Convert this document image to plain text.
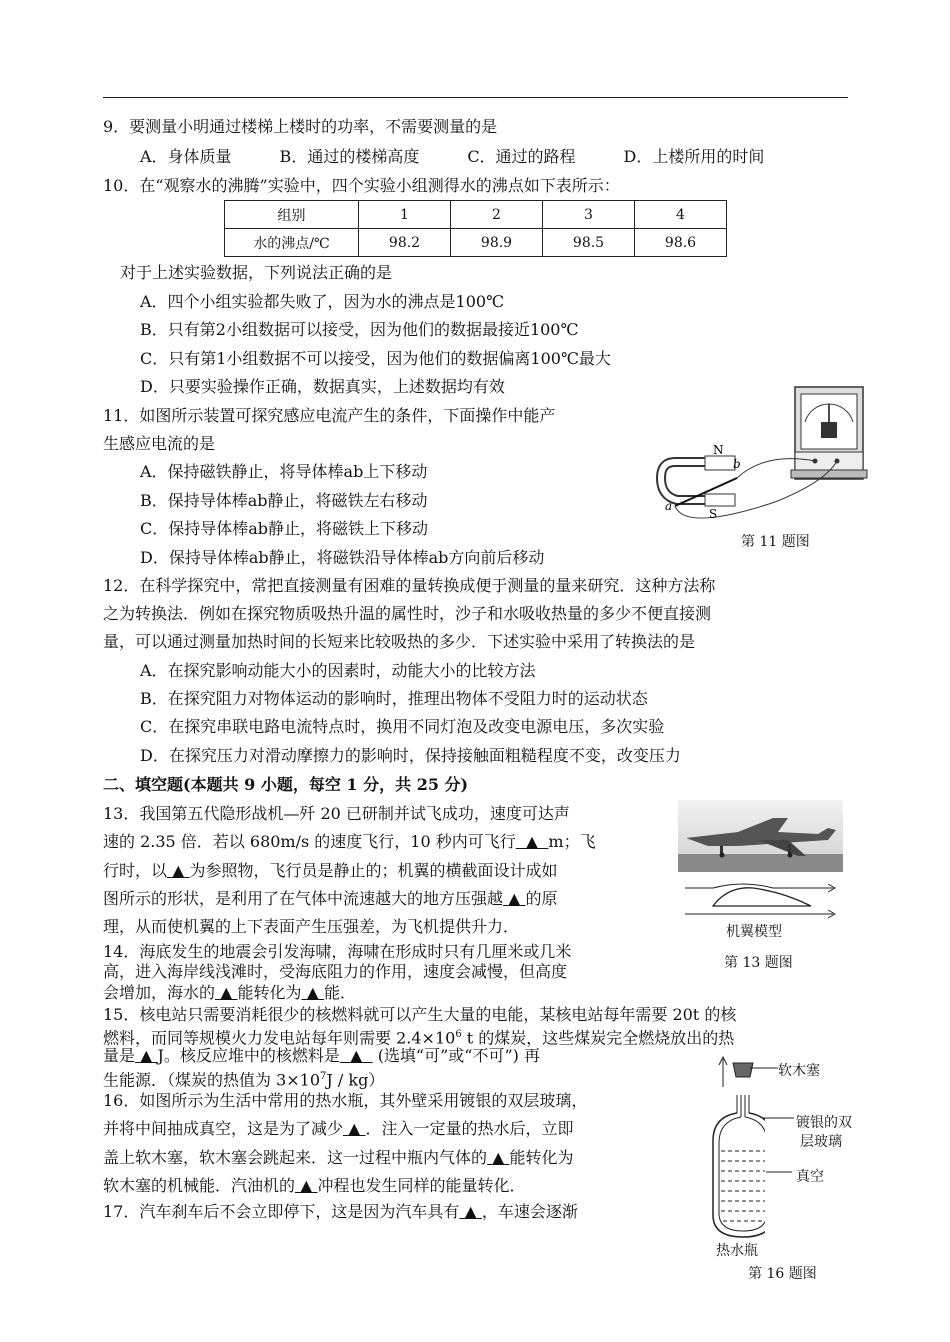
9．要测量小明通过楼梯上楼时的功率，不需要测量的是
A．身体质量　　　B．通过的楼梯高度　　　C．通过的路程　　　D．上楼所用的时间
10．在“观察水的沸腾”实验中，四个实验小组测得水的沸点如下表所示：
组别	1	2	3	4
水的沸点/℃	98.2	98.9	98.5	98.6
对于上述实验数据，下列说法正确的是
A．四个小组实验都失败了，因为水的沸点是100℃
B．只有第2小组数据可以接受，因为他们的数据最接近100℃
C．只有第1小组数据不可以接受，因为他们的数据偏离100℃最大
D．只要实验操作正确，数据真实，上述数据均有效
11．如图所示装置可探究感应电流产生的条件，下面操作中能产
生感应电流的是
A．保持磁铁静止，将导体棒ab上下移动
B．保持导体棒ab静止，将磁铁左右移动
C．保持导体棒ab静止，将磁铁上下移动
D．保持导体棒ab静止，将磁铁沿导体棒ab方向前后移动
N
S
a
b
第 11 题图
12．在科学探究中，常把直接测量有困难的量转换成便于测量的量来研究．这种方法称
之为转换法．例如在探究物质吸热升温的属性时，沙子和水吸收热量的多少不便直接测
量，可以通过测量加热时间的长短来比较吸热的多少．下述实验中采用了转换法的是
A．在探究影响动能大小的因素时，动能大小的比较方法
B．在探究阻力对物体运动的影响时，推理出物体不受阻力时的运动状态
C．在探究串联电路电流特点时，换用不同灯泡及改变电源电压，多次实验
D．在探究压力对滑动摩擦力的影响时，保持接触面粗糙程度不变，改变压力
二、填空题(本题共 9 小题，每空 1 分，共 25 分)
13．我国第五代隐形战机—歼 20 已研制并试飞成功，速度可达声
速的 2.35 倍．若以 680m/s 的速度飞行，10 秒内可飞行 ▲ m；飞
行时，以 ▲ 为参照物，飞行员是静止的；机翼的横截面设计成如
图所示的形状，是利用了在气体中流速越大的地方压强越 ▲ 的原
理，从而使机翼的上下表面产生压强差，为飞机提供升力．	机翼模型
第 13 题图
14．海底发生的地震会引发海啸，海啸在形成时只有几厘米或几米
高，进入海岸线浅滩时，受海底阻力的作用，速度会减慢，但高度
会增加，海水的 ▲ 能转化为 ▲ 能．
15．核电站只需要消耗很少的核燃料就可以产生大量的电能，某核电站每年需要 20t 的核
燃料，而同等规模火力发电站每年则需要 $2.4\times 10^6$ t 的煤炭，这些煤炭完全燃烧放出的热
量是 ▲ J。核反应堆中的核燃料是 ▲ (选填“可”或“不可”) 再
生能源．（煤炭的热值为 $3\times 10^7J / kg$）
16．如图所示为生活中常用的热水瓶，其外壁采用镀银的双层玻璃，
并将中间抽成真空，这是为了减少 ▲ ．注入一定量的热水后，立即
盖上软木塞，软木塞会跳起来．这一过程中瓶内气体的 ▲ 能转化为
软木塞的机械能．汽油机的 ▲ 冲程也发生同样的能量转化．
17．汽车刹车后不会立即停下，这是因为汽车具有 ▲ ，车速会逐渐
软木塞
镀银的双
层玻璃
真空
热水瓶
第 16 题图
